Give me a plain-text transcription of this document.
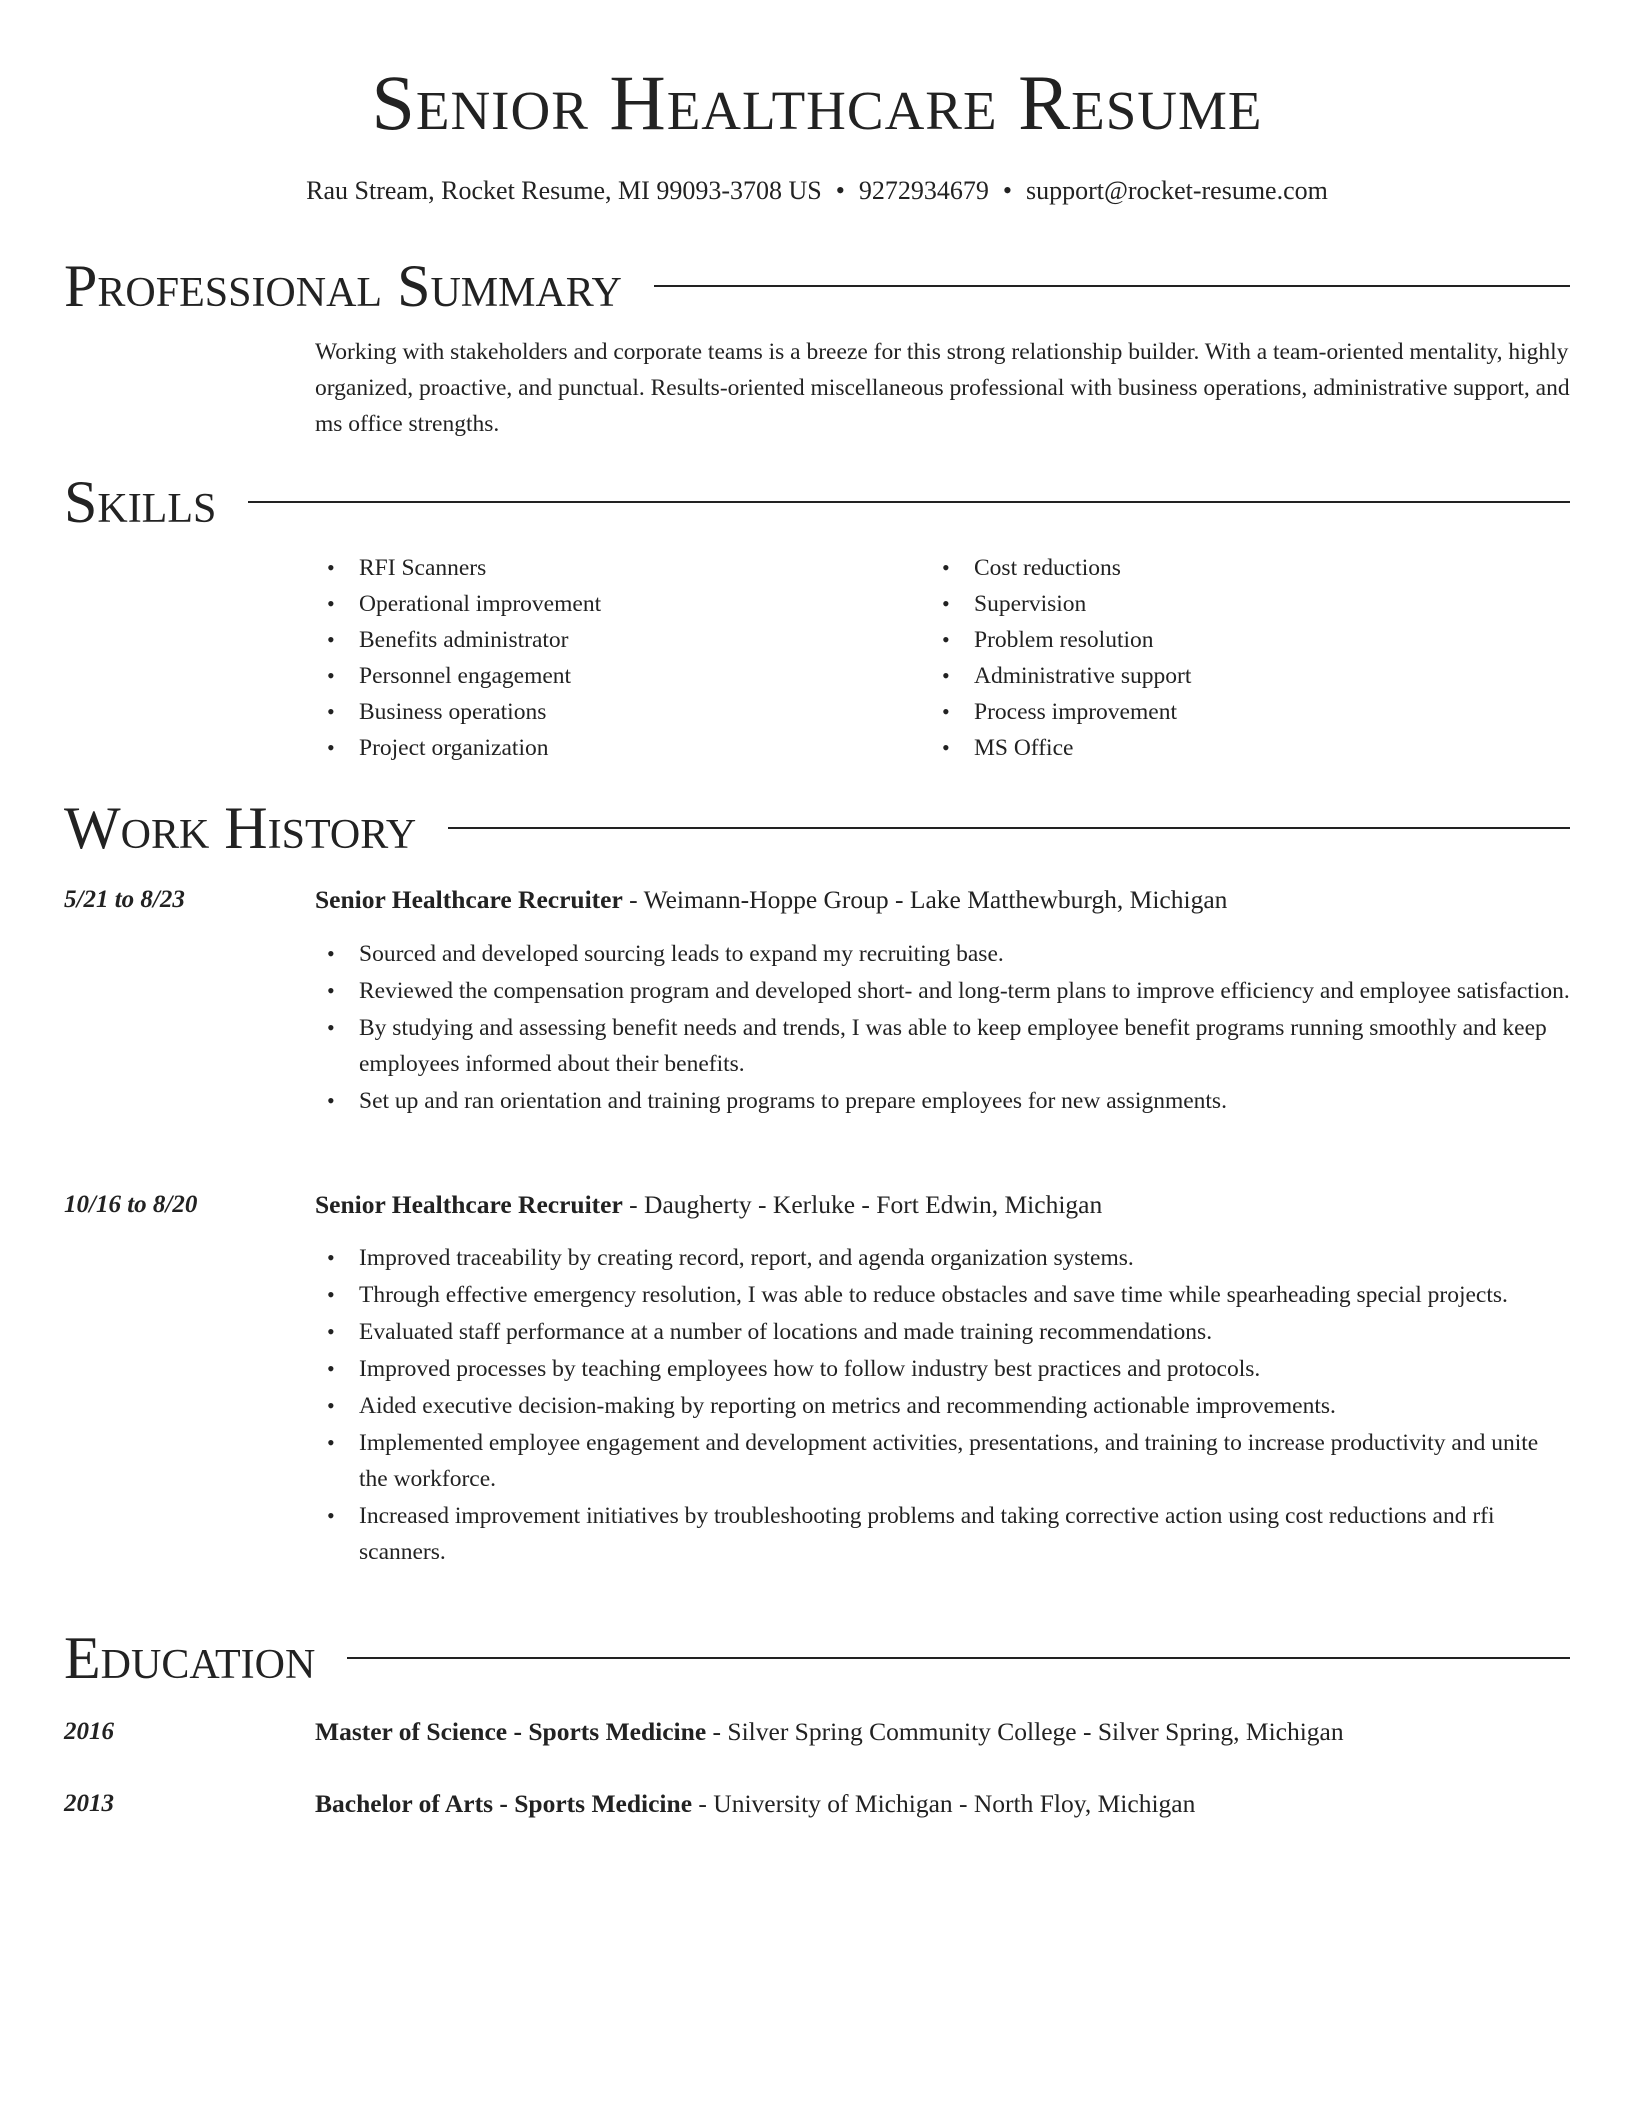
Senior Healthcare Resume
Rau Stream, Rocket Resume, MI 99093-3708 US • 9272934679 • support@rocket-resume.com
Professional Summary
Working with stakeholders and corporate teams is a breeze for this strong relationship builder. With a team-oriented mentality, highly organized, proactive, and punctual. Results-oriented miscellaneous professional with business operations, administrative support, and ms office strengths.
Skills
• RFI Scanners
• Operational improvement
• Benefits administrator
• Personnel engagement
• Business operations
• Project organization
• Cost reductions
• Supervision
• Problem resolution
• Administrative support
• Process improvement
• MS Office
Work History
5/21 to 8/23	Senior Healthcare Recruiter - Weimann-Hoppe Group - Lake Matthewburgh, Michigan
• Sourced and developed sourcing leads to expand my recruiting base.
• Reviewed the compensation program and developed short- and long-term plans to improve efficiency and employee satisfaction.
• By studying and assessing benefit needs and trends, I was able to keep employee benefit programs running smoothly and keep employees informed about their benefits.
• Set up and ran orientation and training programs to prepare employees for new assignments.
10/16 to 8/20	Senior Healthcare Recruiter - Daugherty - Kerluke - Fort Edwin, Michigan
• Improved traceability by creating record, report, and agenda organization systems.
• Through effective emergency resolution, I was able to reduce obstacles and save time while spearheading special projects.
• Evaluated staff performance at a number of locations and made training recommendations.
• Improved processes by teaching employees how to follow industry best practices and protocols.
• Aided executive decision-making by reporting on metrics and recommending actionable improvements.
• Implemented employee engagement and development activities, presentations, and training to increase productivity and unite the workforce.
• Increased improvement initiatives by troubleshooting problems and taking corrective action using cost reductions and rfi scanners.
Education
2016	Master of Science - Sports Medicine - Silver Spring Community College - Silver Spring, Michigan
2013	Bachelor of Arts - Sports Medicine - University of Michigan - North Floy, Michigan
